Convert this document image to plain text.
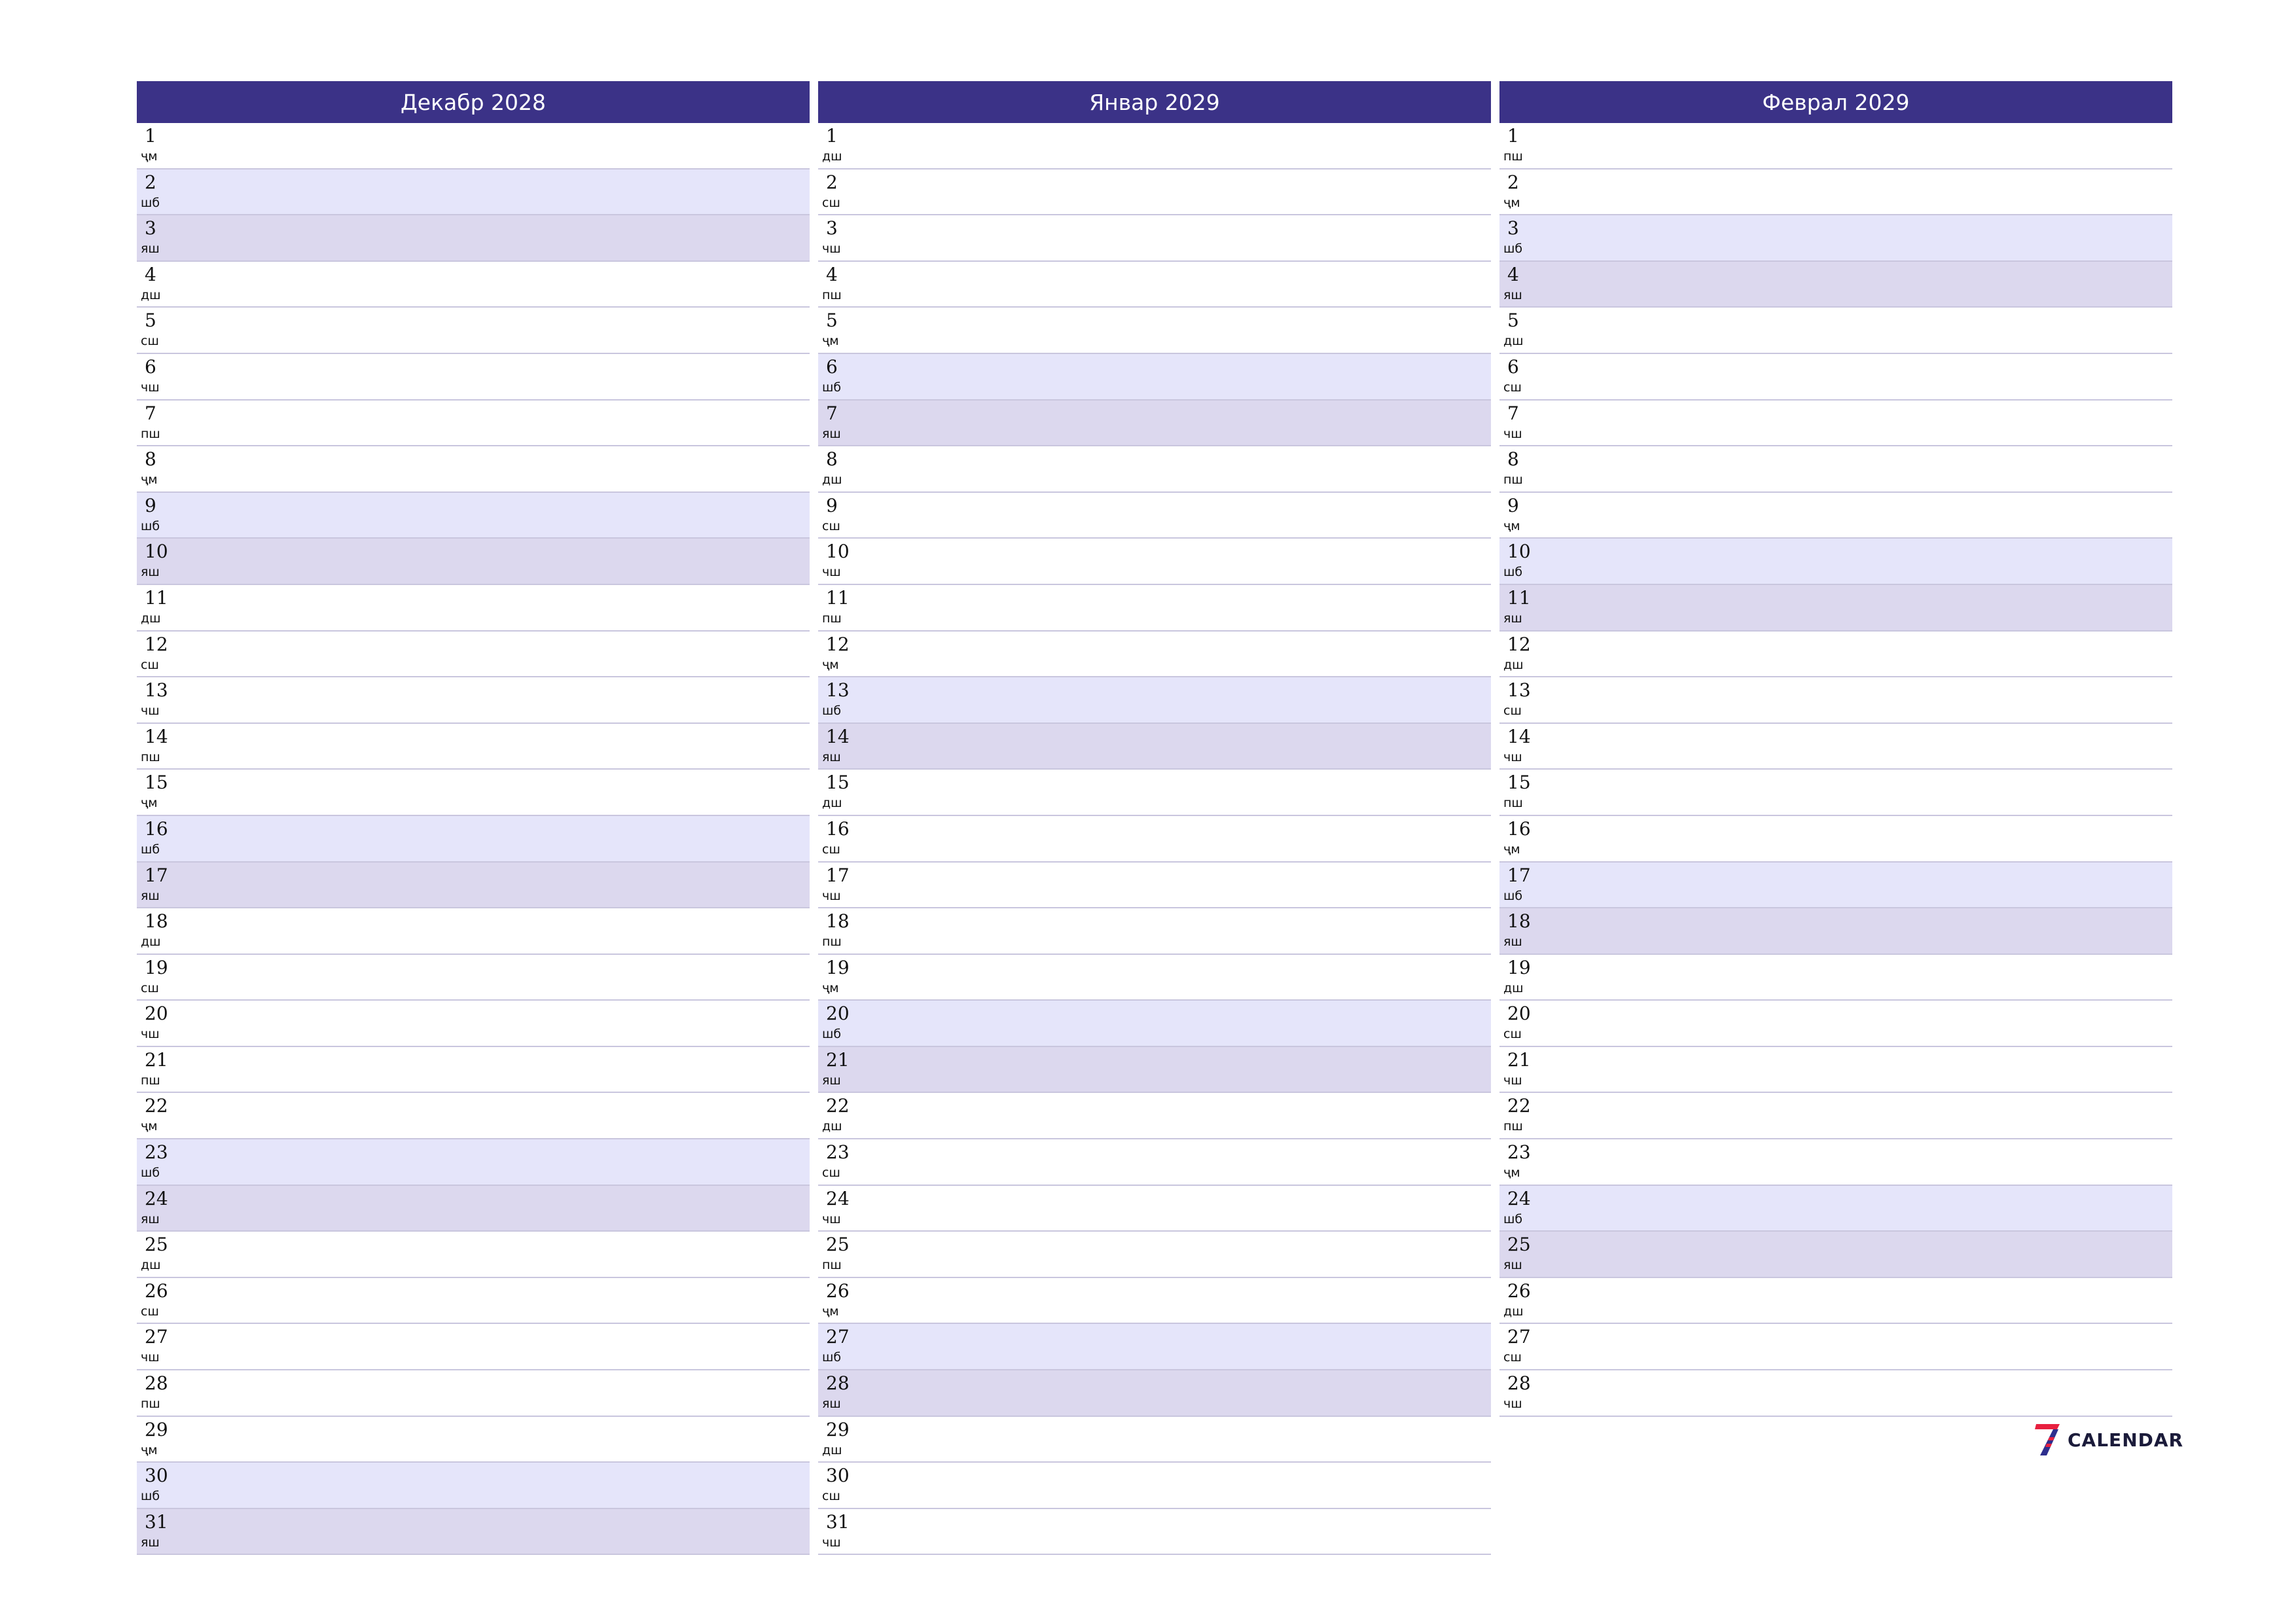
Декабр 2028
1
ҷм
2
шб
3
яш
4
дш
5
сш
6
чш
7
пш
8
ҷм
9
шб
10
яш
11
дш
12
сш
13
чш
14
пш
15
ҷм
16
шб
17
яш
18
дш
19
сш
20
чш
21
пш
22
ҷм
23
шб
24
яш
25
дш
26
сш
27
чш
28
пш
29
ҷм
30
шб
31
яш
Январ 2029
1
дш
2
сш
3
чш
4
пш
5
ҷм
6
шб
7
яш
8
дш
9
сш
10
чш
11
пш
12
ҷм
13
шб
14
яш
15
дш
16
сш
17
чш
18
пш
19
ҷм
20
шб
21
яш
22
дш
23
сш
24
чш
25
пш
26
ҷм
27
шб
28
яш
29
дш
30
сш
31
чш
Феврал 2029
1
пш
2
ҷм
3
шб
4
яш
5
дш
6
сш
7
чш
8
пш
9
ҷм
10
шб
11
яш
12
дш
13
сш
14
чш
15
пш
16
ҷм
17
шб
18
яш
19
дш
20
сш
21
чш
22
пш
23
ҷм
24
шб
25
яш
26
дш
27
сш
28
чш
CALENDAR
